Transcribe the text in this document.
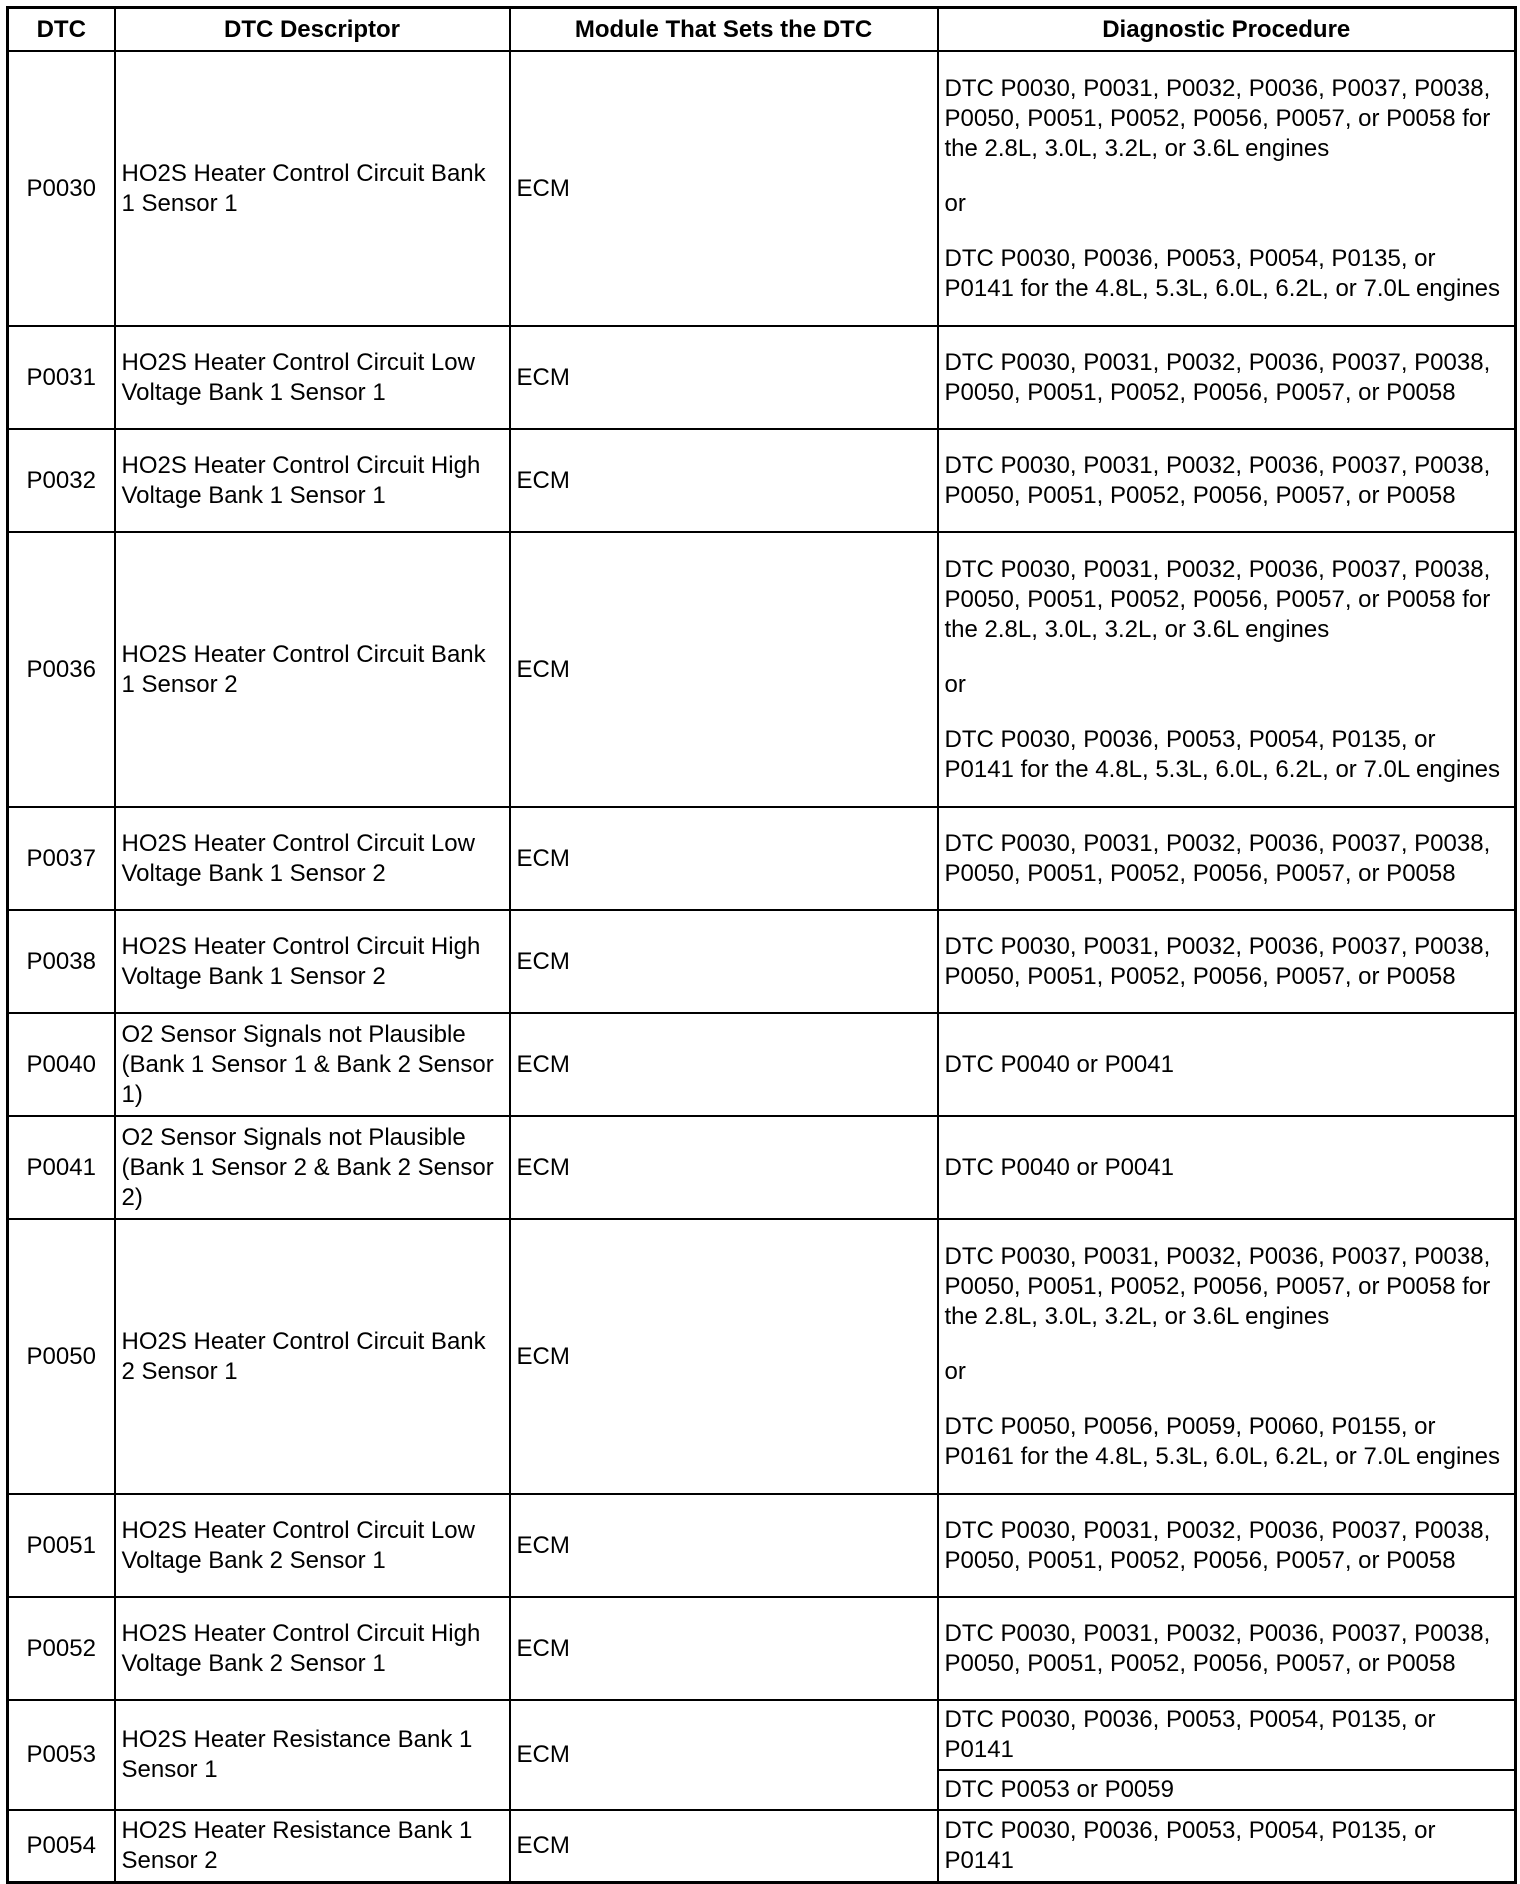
DTC	DTC Descriptor	Module That Sets the DTC	Diagnostic Procedure
P0030	HO2S Heater Control Circuit Bank 1 Sensor 1	ECM	DTC P0030, P0031, P0032, P0036, P0037, P0038, P0050, P0051, P0052, P0056, P0057, or P0058 for the 2.8L, 3.0L, 3.2L, or 3.6L engines

or

DTC P0030, P0036, P0053, P0054, P0135, or P0141 for the 4.8L, 5.3L, 6.0L, 6.2L, or 7.0L engines

P0031	HO2S Heater Control Circuit Low Voltage Bank 1 Sensor 1	ECM	DTC P0030, P0031, P0032, P0036, P0037, P0038, P0050, P0051, P0052, P0056, P0057, or P0058

P0032	HO2S Heater Control Circuit High Voltage Bank 1 Sensor 1	ECM	DTC P0030, P0031, P0032, P0036, P0037, P0038, P0050, P0051, P0052, P0056, P0057, or P0058

P0036	HO2S Heater Control Circuit Bank 1 Sensor 2	ECM	DTC P0030, P0031, P0032, P0036, P0037, P0038, P0050, P0051, P0052, P0056, P0057, or P0058 for the 2.8L, 3.0L, 3.2L, or 3.6L engines

or

DTC P0030, P0036, P0053, P0054, P0135, or P0141 for the 4.8L, 5.3L, 6.0L, 6.2L, or 7.0L engines

P0037	HO2S Heater Control Circuit Low Voltage Bank 1 Sensor 2	ECM	DTC P0030, P0031, P0032, P0036, P0037, P0038, P0050, P0051, P0052, P0056, P0057, or P0058

P0038	HO2S Heater Control Circuit High Voltage Bank 1 Sensor 2	ECM	DTC P0030, P0031, P0032, P0036, P0037, P0038, P0050, P0051, P0052, P0056, P0057, or P0058

P0040	O2 Sensor Signals not Plausible (Bank 1 Sensor 1 & Bank 2 Sensor 1)	ECM	DTC P0040 or P0041

P0041	O2 Sensor Signals not Plausible (Bank 1 Sensor 2 & Bank 2 Sensor 2)	ECM	DTC P0040 or P0041

P0050	HO2S Heater Control Circuit Bank 2 Sensor 1	ECM	DTC P0030, P0031, P0032, P0036, P0037, P0038, P0050, P0051, P0052, P0056, P0057, or P0058 for the 2.8L, 3.0L, 3.2L, or 3.6L engines

or

DTC P0050, P0056, P0059, P0060, P0155, or P0161 for the 4.8L, 5.3L, 6.0L, 6.2L, or 7.0L engines

P0051	HO2S Heater Control Circuit Low Voltage Bank 2 Sensor 1	ECM	DTC P0030, P0031, P0032, P0036, P0037, P0038, P0050, P0051, P0052, P0056, P0057, or P0058

P0052	HO2S Heater Control Circuit High Voltage Bank 2 Sensor 1	ECM	DTC P0030, P0031, P0032, P0036, P0037, P0038, P0050, P0051, P0052, P0056, P0057, or P0058

P0053	HO2S Heater Resistance Bank 1 Sensor 1	ECM	DTC P0030, P0036, P0053, P0054, P0135, or P0141

			DTC P0053 or P0059

P0054	HO2S Heater Resistance Bank 1 Sensor 2	ECM	DTC P0030, P0036, P0053, P0054, P0135, or P0141
